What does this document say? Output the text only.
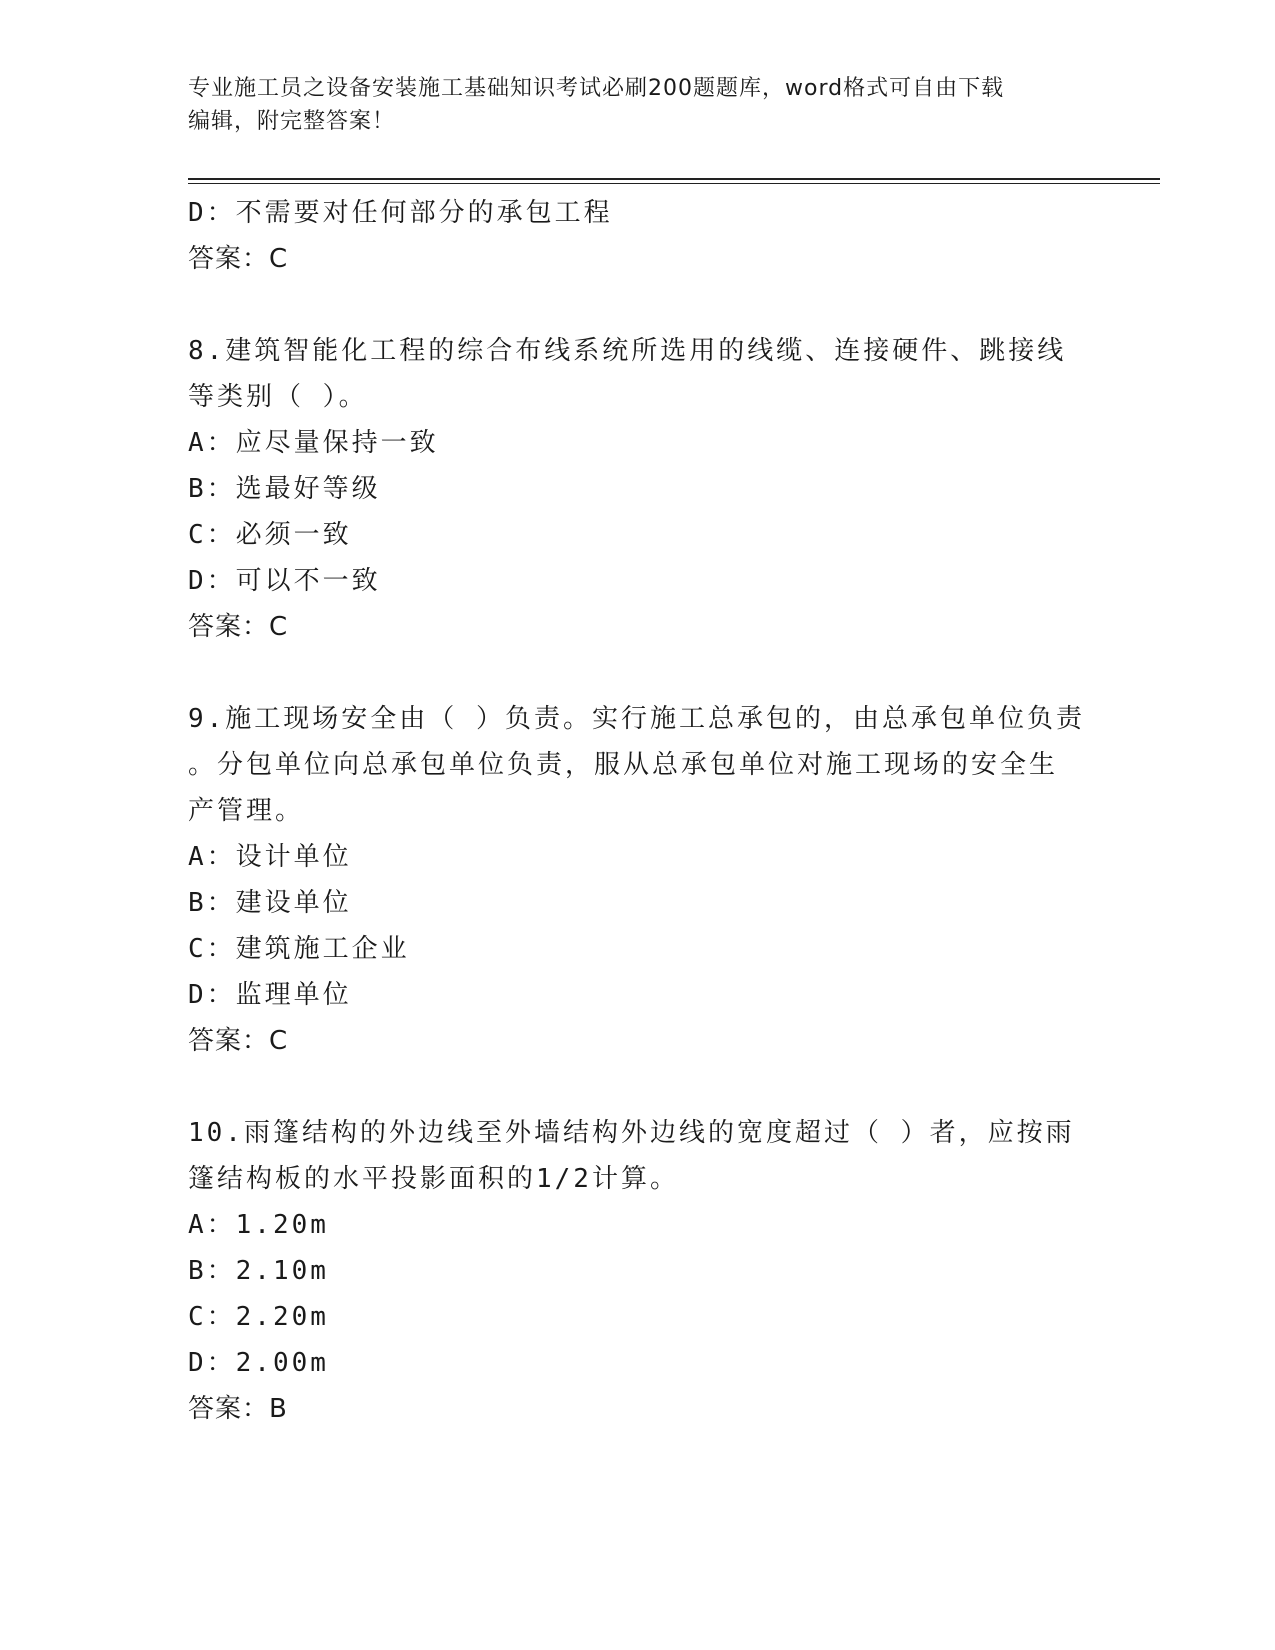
专业施工员之设备安装施工基础知识考试必刷200题题库，word格式可自由下载
编辑，附完整答案！
D：不需要对任何部分的承包工程
答案：C
8.建筑智能化工程的综合布线系统所选用的线缆、连接硬件、跳接线
等类别（ ）。
A：应尽量保持一致
B：选最好等级
C：必须一致
D：可以不一致
答案：C
9.施工现场安全由（ ）负责。实行施工总承包的，由总承包单位负责
。分包单位向总承包单位负责，服从总承包单位对施工现场的安全生
产管理。
A：设计单位
B：建设单位
C：建筑施工企业
D：监理单位
答案：C
10.雨篷结构的外边线至外墙结构外边线的宽度超过（ ）者，应按雨
篷结构板的水平投影面积的1/2计算。
A：1.20m
B：2.10m
C：2.20m
D：2.00m
答案：B
